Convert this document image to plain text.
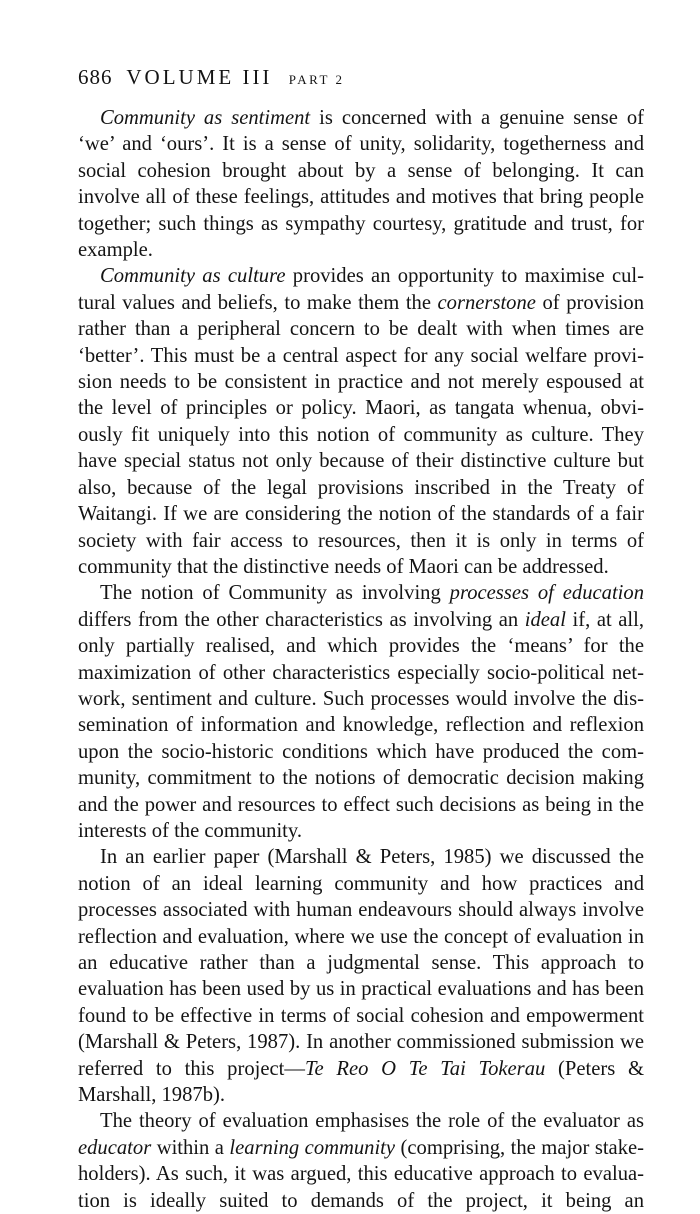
686 VOLUME III PART 2

Community as sentiment is concerned with a genuine sense of ‘we’ and ‘ours’. It is a sense of unity, solidarity, togetherness and social cohesion brought about by a sense of belonging. It can involve all of these feelings, attitudes and motives that bring people together; such things as sympathy courtesy, gratitude and trust, for example.

Community as culture provides an opportunity to maximise cultural values and beliefs, to make them the cornerstone of provision rather than a peripheral concern to be dealt with when times are ‘better’. This must be a central aspect for any social welfare provision needs to be consistent in practice and not merely espoused at the level of principles or policy. Maori, as tangata whenua, obviously fit uniquely into this notion of community as culture. They have special status not only because of their distinctive culture but also, because of the legal provisions inscribed in the Treaty of Waitangi. If we are considering the notion of the standards of a fair society with fair access to resources, then it is only in terms of community that the distinctive needs of Maori can be addressed.

The notion of Community as involving processes of education differs from the other characteristics as involving an ideal if, at all, only partially realised, and which provides the ‘means’ for the maximization of other characteristics especially socio-political network, sentiment and culture. Such processes would involve the dissemination of information and knowledge, reflection and reflexion upon the socio-historic conditions which have produced the community, commitment to the notions of democratic decision making and the power and resources to effect such decisions as being in the interests of the community.

In an earlier paper (Marshall & Peters, 1985) we discussed the notion of an ideal learning community and how practices and processes associated with human endeavours should always involve reflection and evaluation, where we use the concept of evaluation in an educative rather than a judgmental sense. This approach to evaluation has been used by us in practical evaluations and has been found to be effective in terms of social cohesion and empowerment (Marshall & Peters, 1987). In another commissioned submission we referred to this project—Te Reo O Te Tai Tokerau (Peters & Marshall, 1987b).

The theory of evaluation emphasises the role of the evaluator as educator within a learning community (comprising, the major stakeholders). As such, it was argued, this educative approach to evaluation is ideally suited to demands of the project, it being an
